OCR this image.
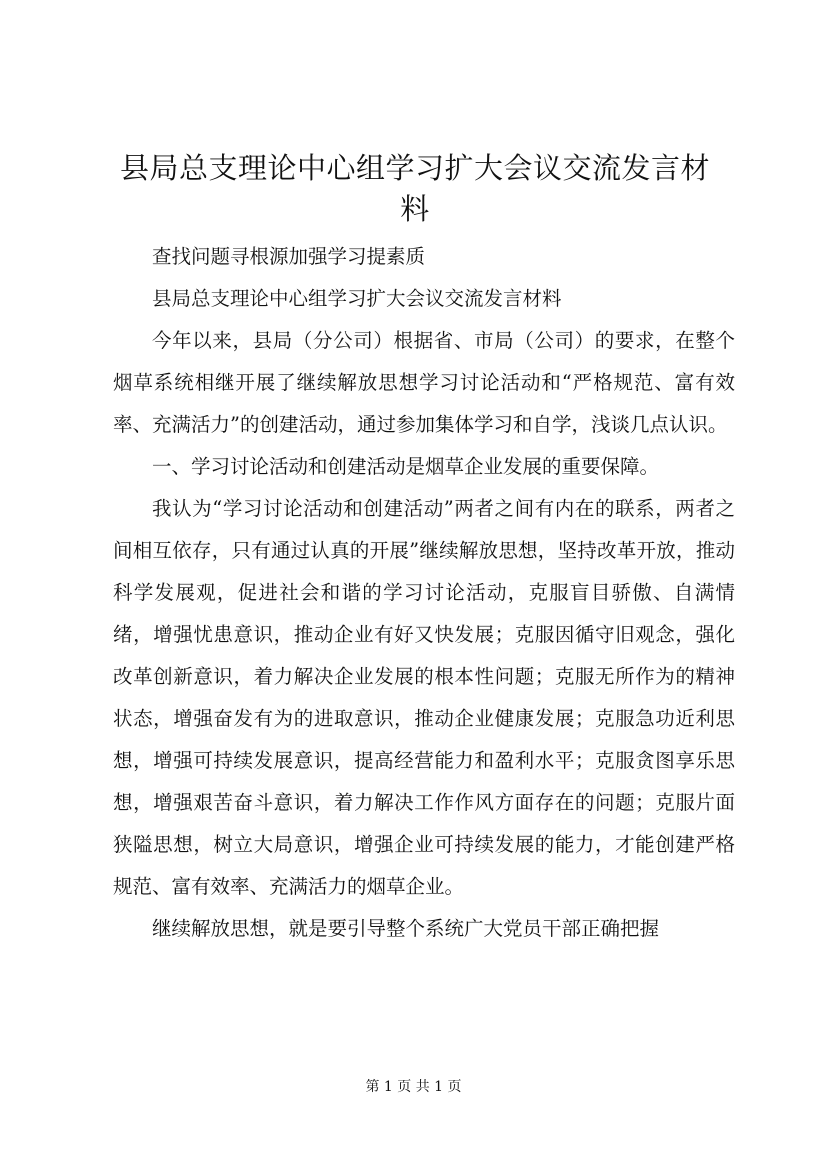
县局总支理论中心组学习扩大会议交流发言材料

查找问题寻根源加强学习提素质

县局总支理论中心组学习扩大会议交流发言材料

今年以来，县局（分公司）根据省、市局（公司）的要求，在整个烟草系统相继开展了继续解放思想学习讨论活动和“严格规范、富有效率、充满活力”的创建活动，通过参加集体学习和自学，浅谈几点认识。

一、学习讨论活动和创建活动是烟草企业发展的重要保障。

我认为“学习讨论活动和创建活动”两者之间有内在的联系，两者之间相互依存，只有通过认真的开展”继续解放思想，坚持改革开放，推动科学发展观，促进社会和谐的学习讨论活动，克服盲目骄傲、自满情绪，增强忧患意识，推动企业有好又快发展；克服因循守旧观念，强化改革创新意识，着力解决企业发展的根本性问题；克服无所作为的精神状态，增强奋发有为的进取意识，推动企业健康发展；克服急功近利思想，增强可持续发展意识，提高经营能力和盈利水平；克服贪图享乐思想，增强艰苦奋斗意识，着力解决工作作风方面存在的问题；克服片面狭隘思想，树立大局意识，增强企业可持续发展的能力，才能创建严格规范、富有效率、充满活力的烟草企业。

继续解放思想，就是要引导整个系统广大党员干部正确把握

第 1 页 共 1 页
